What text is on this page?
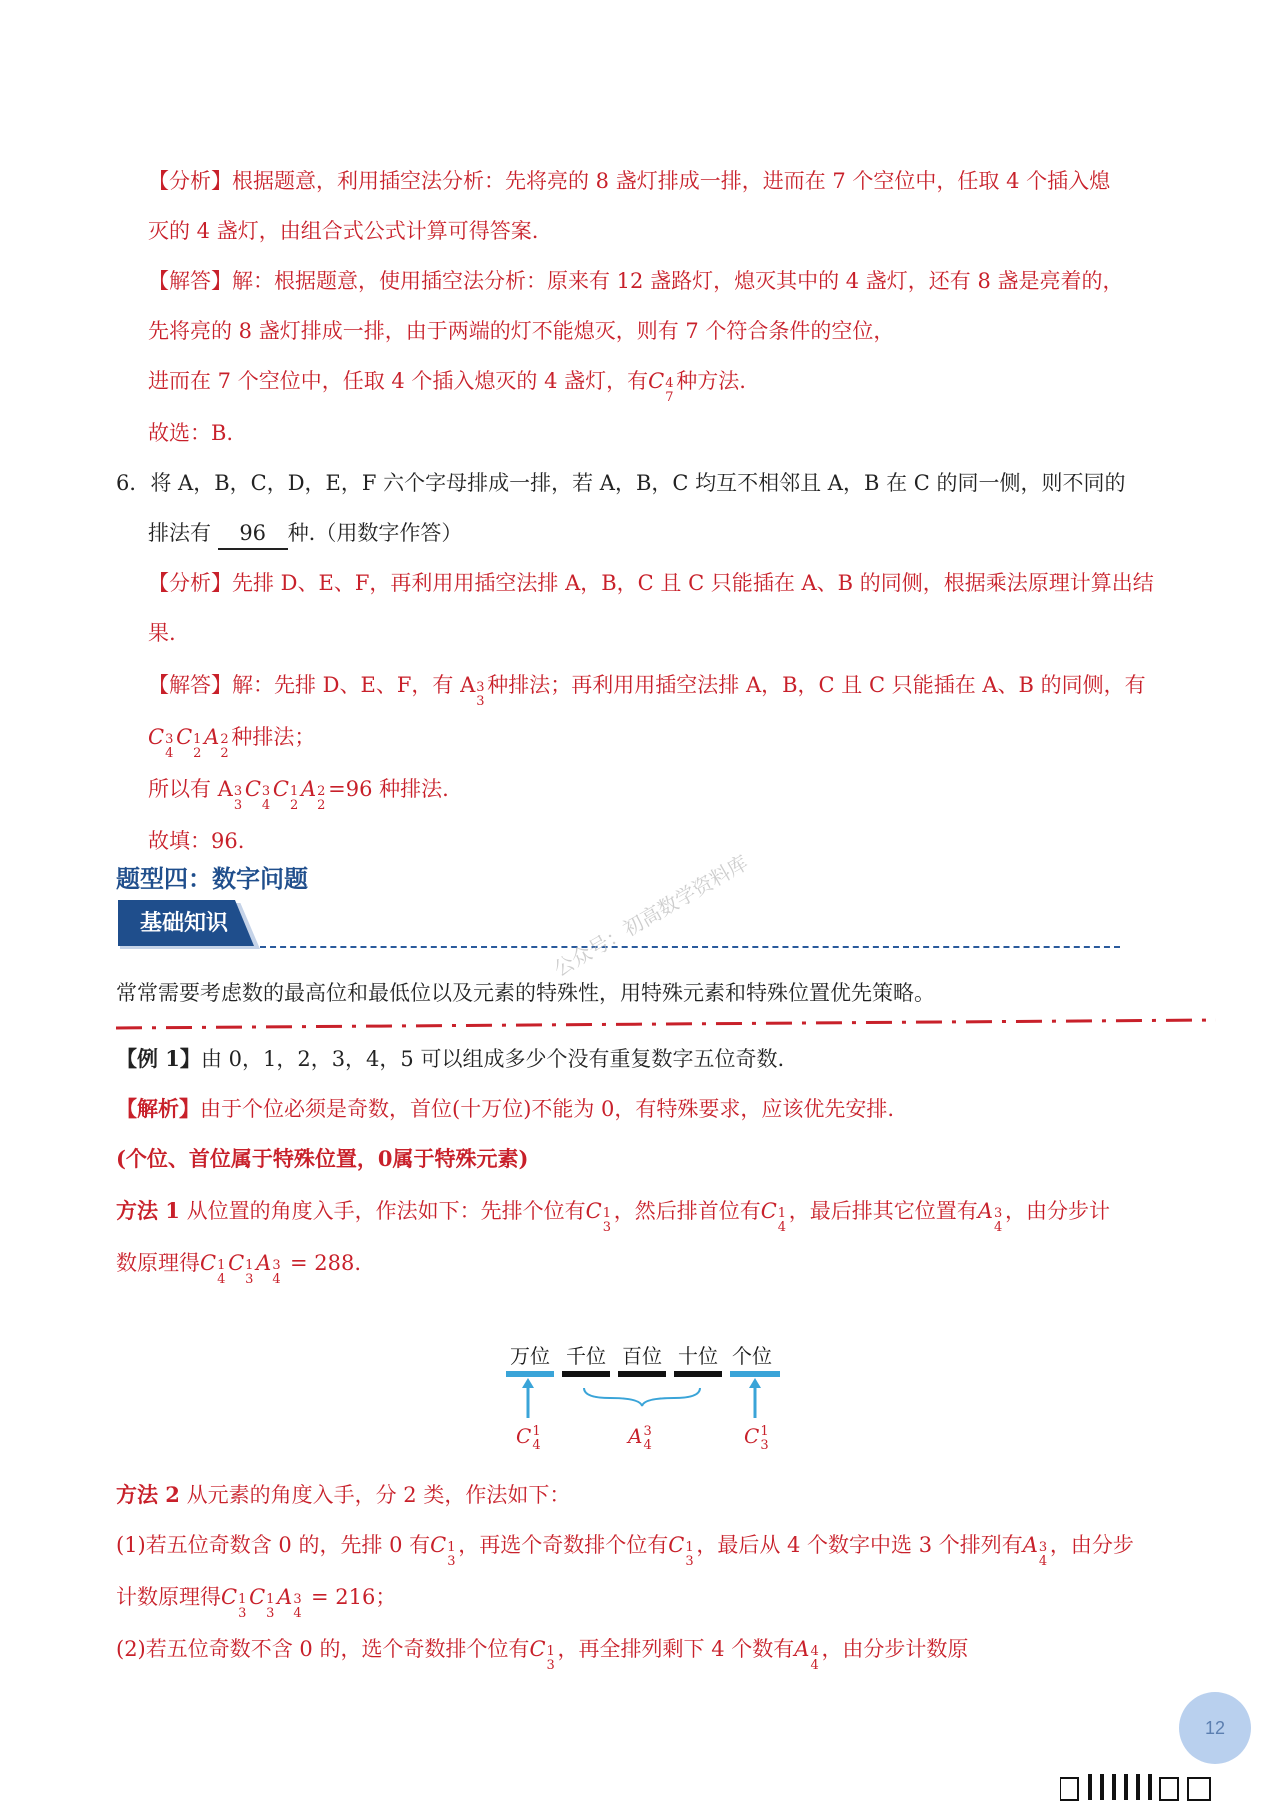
【分析】根据题意，利用插空法分析：先将亮的 8 盏灯排成一排，进而在 7 个空位中，任取 4 个插入熄
灭的 4 盏灯，由组合式公式计算可得答案.
【解答】解：根据题意，使用插空法分析：原来有 12 盏路灯，熄灭其中的 4 盏灯，还有 8 盏是亮着的，
先将亮的 8 盏灯排成一排，由于两端的灯不能熄灭，则有 7 个符合条件的空位，
进而在 7 个空位中，任取 4 个插入熄灭的 4 盏灯，有C 4
7
种方法.
故选：B.
6．将 A，B，C，D，E，F 六个字母排成一排，若 A，B，C 均互不相邻且 A，B 在 C 的同一侧，则不同的
排法有 96 种.（用数字作答）
【分析】先排 D、E、F，再利用用插空法排 A，B，C 且 C 只能插在 A、B 的同侧，根据乘法原理计算出结
果.
【解答】解：先排 D、E、F，有 A 3
3
种排法；再利用用插空法排 A，B，C 且 C 只能插在 A、B 的同侧，有
C 3
4
C 1
2
A 2
2
种排法；
所以有 A 3
3
C 3
4
C 1
2
A 2
2
=96 种排法.
故填：96.
题型四：数字问题
基础知识	公众号：初高数学资料库
常常需要考虑数的最高位和最低位以及元素的特殊性，用特殊元素和特殊位置优先策略。
【例 1】由 0，1，2，3，4，5 可以组成多少个没有重复数字五位奇数.
【解析】由于个位必须是奇数，首位(十万位)不能为 0，有特殊要求，应该优先安排.
(个位、首位属于特殊位置，0属于特殊元素)
方法 1 从位置的角度入手，作法如下：先排个位有C 1
3
，然后排首位有C 1
4
，最后排其它位置有A 3
4
，由分步计
数原理得C 1
4
C 1
3
A 3
4
= 288.
万位 千位 百位 十位 个位
C 1
4	A 3
4	C 1
3
方法 2 从元素的角度入手，分 2 类，作法如下：
(1)若五位奇数含 0 的，先排 0 有C 1
3
，再选个奇数排个位有C 1
3
，最后从 4 个数字中选 3 个排列有A 3
4
，由分步
计数原理得C 1
3
C 1
3
A 3
4
= 216；
(2)若五位奇数不含 0 的，选个奇数排个位有C 1
3
，再全排列剩下 4 个数有A 4
4
，由分步计数原
12
